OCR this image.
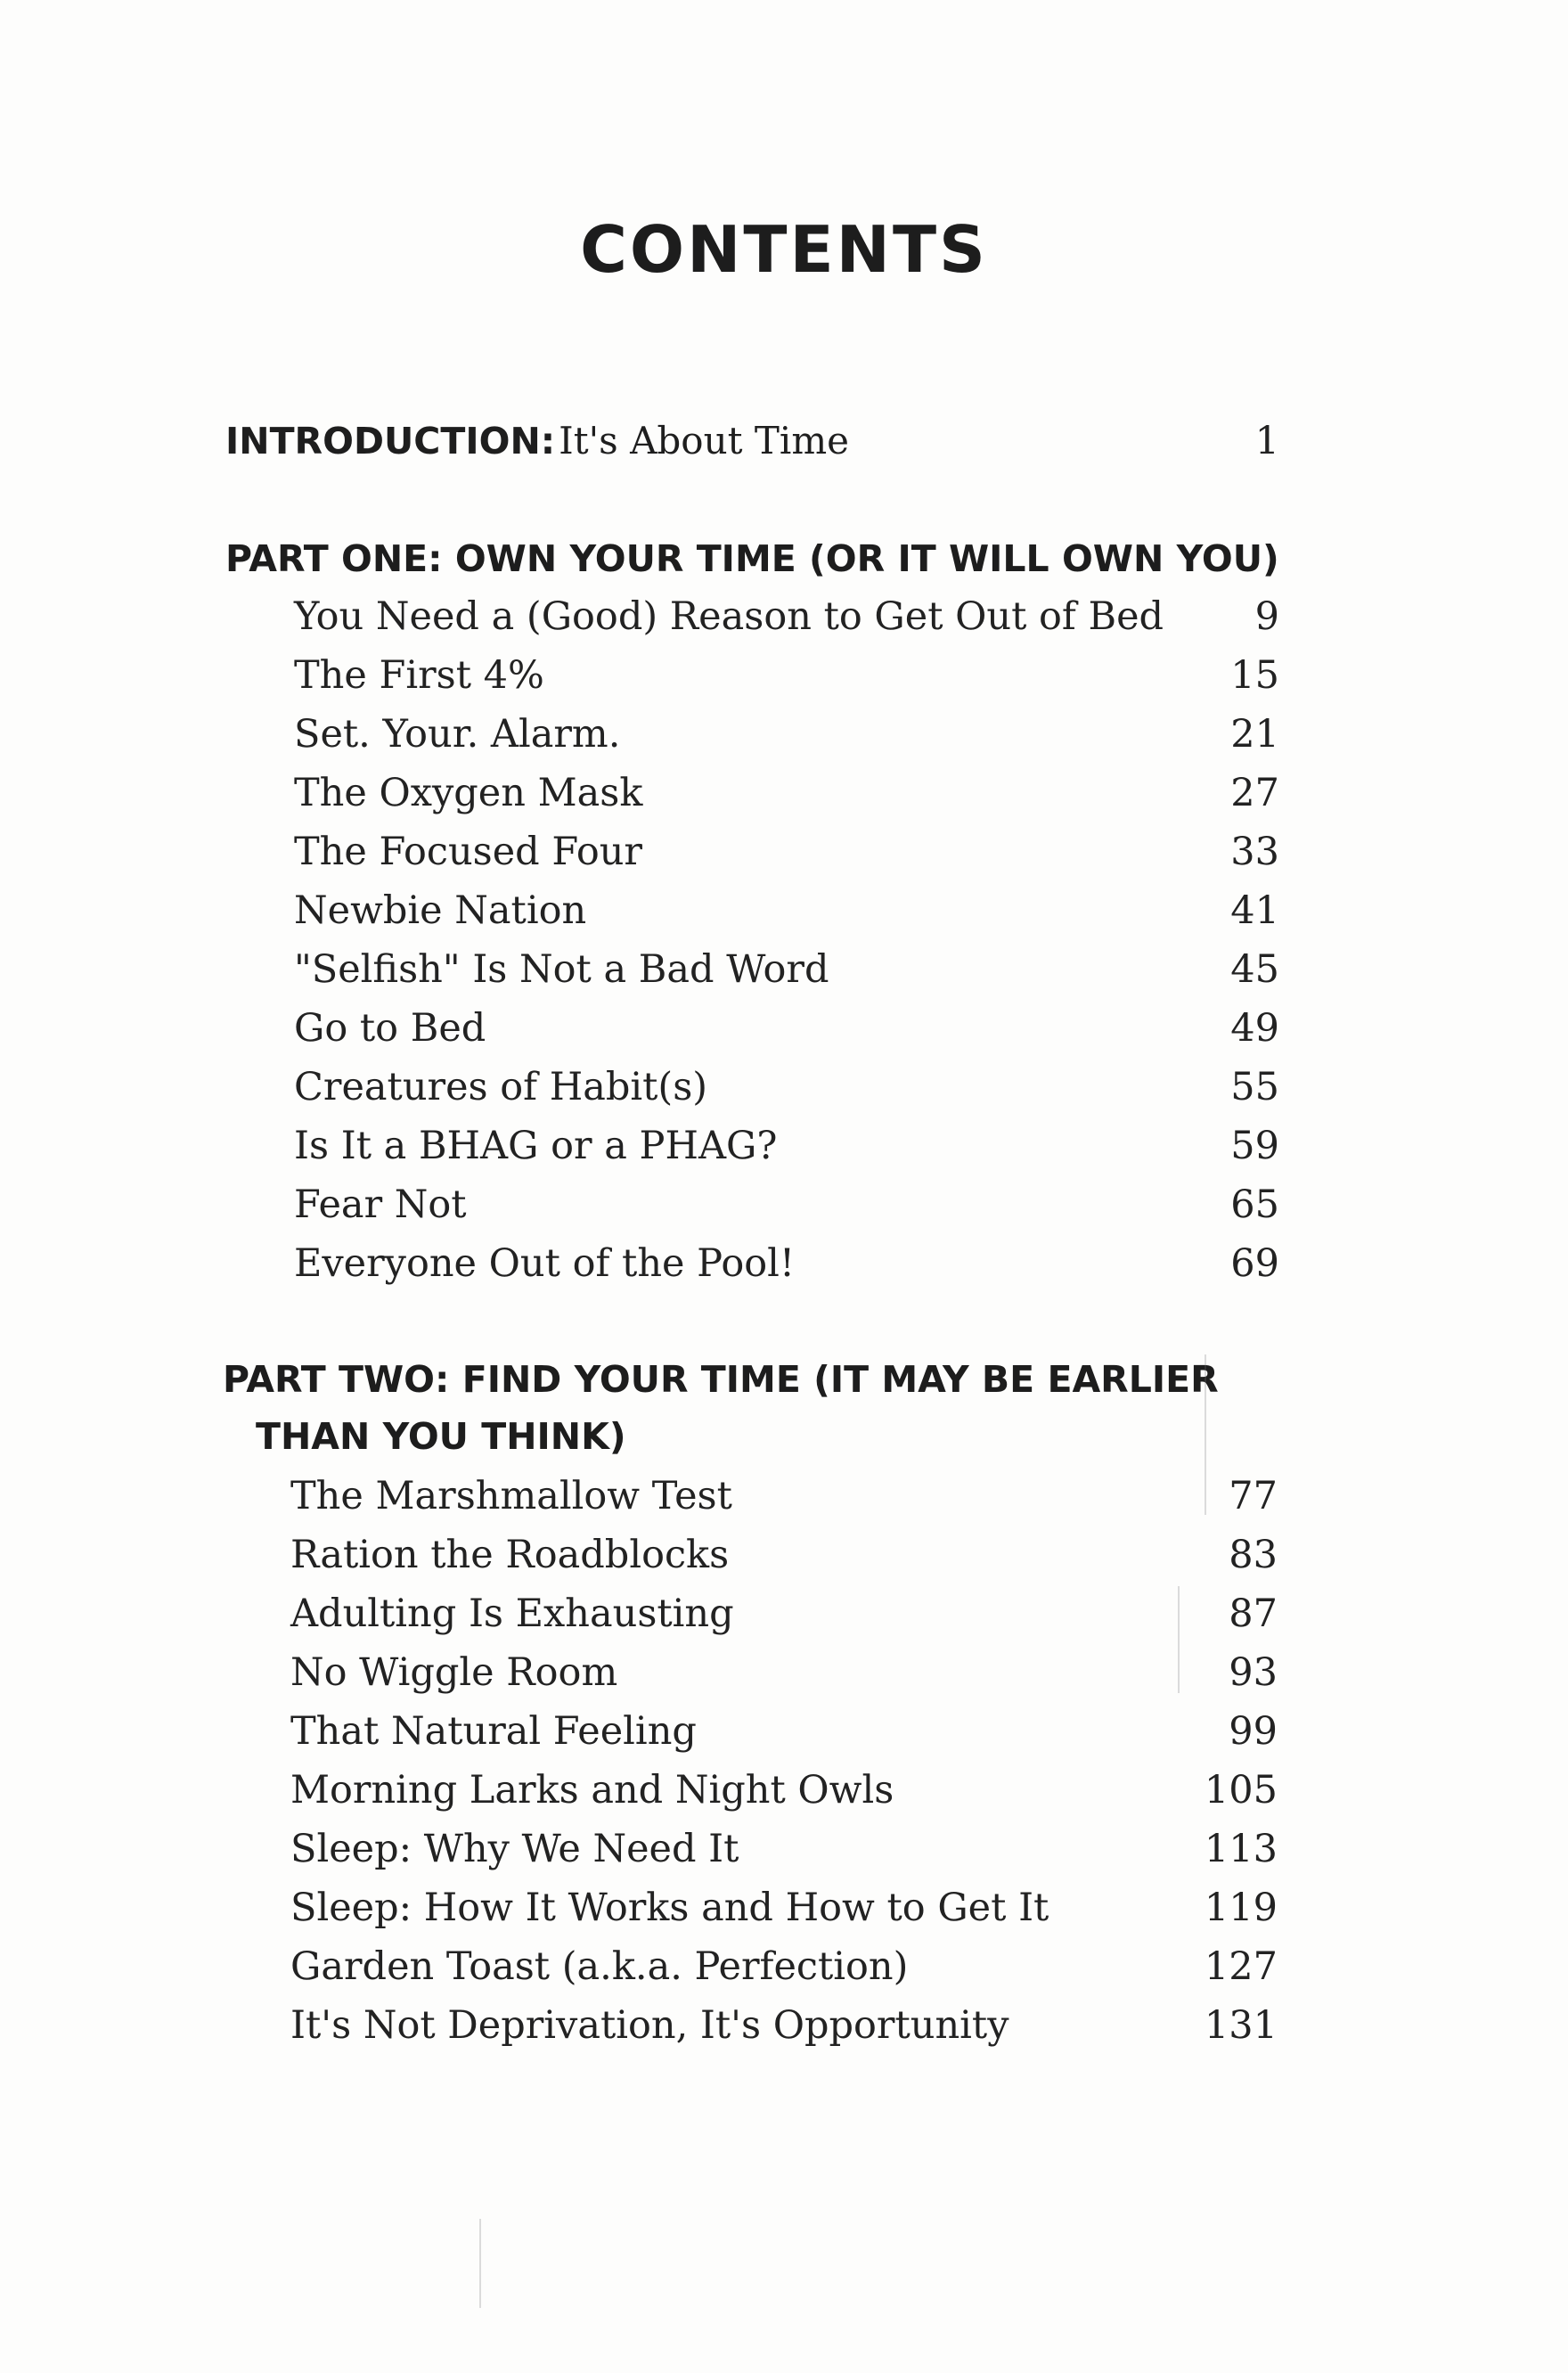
CONTENTS
INTRODUCTION: It's About Time	1
PART ONE: OWN YOUR TIME (OR IT WILL OWN YOU)
You Need a (Good) Reason to Get Out of Bed	9
The First 4%	15
Set. Your. Alarm.	21
The Oxygen Mask	27
The Focused Four	33
Newbie Nation	41
"Selfish" Is Not a Bad Word	45
Go to Bed	49
Creatures of Habit(s)	55
Is It a BHAG or a PHAG?	59
Fear Not	65
Everyone Out of the Pool!	69
PART TWO: FIND YOUR TIME (IT MAY BE EARLIER
THAN YOU THINK)
The Marshmallow Test	77
Ration the Roadblocks	83
Adulting Is Exhausting	87
No Wiggle Room	93
That Natural Feeling	99
Morning Larks and Night Owls	105
Sleep: Why We Need It	113
Sleep: How It Works and How to Get It	119
Garden Toast (a.k.a. Perfection)	127
It's Not Deprivation, It's Opportunity	131
